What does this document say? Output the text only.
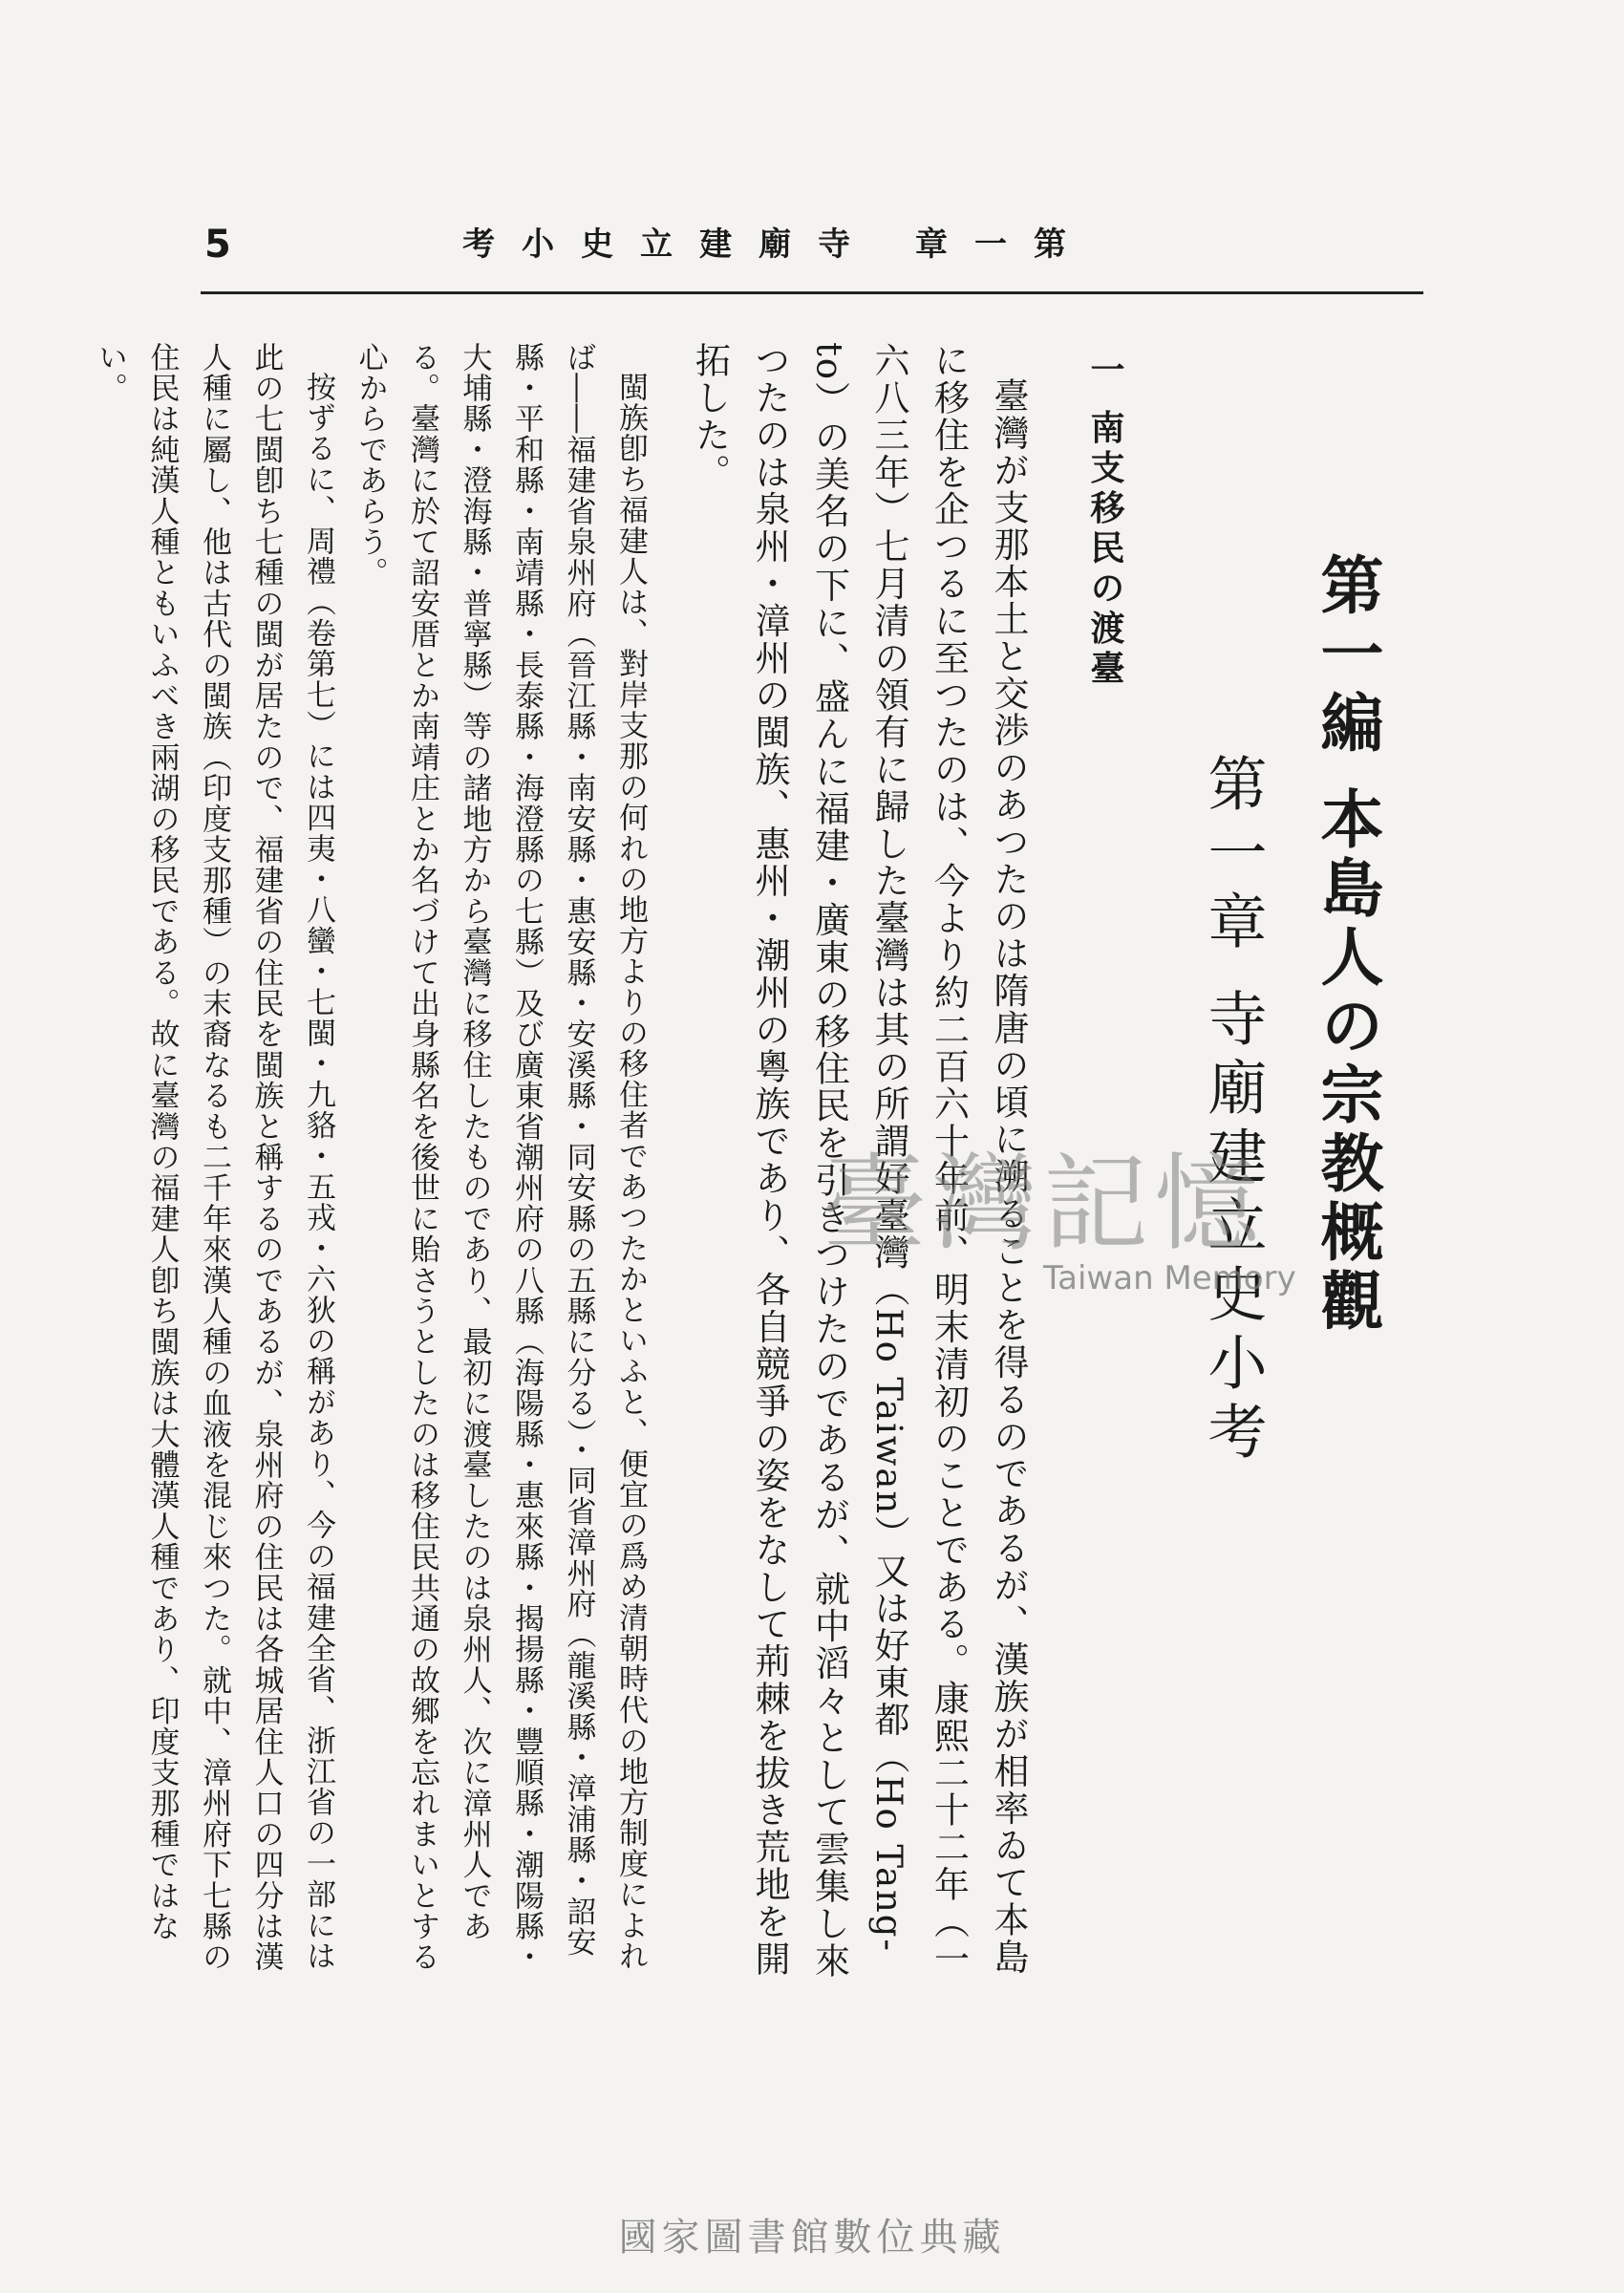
5	考小史立建廟寺 章一第

第一編 本島人の宗教概觀

第一章 寺廟建立史小考

一 南支移民の渡臺

臺灣が支那本土と交渉のあつたのは隋唐の頃に溯ることを得るのであるが、漢族が相率ゐて本島に移住を企つるに至つたのは、今より約二百六十年前、明末清初のことである。康熙二十二年（一六八三年）七月清の領有に歸した臺灣は其の所謂好臺灣（Ho Taiwan）又は好東都（Ho Tang-to）の美名の下に、盛んに福建・廣東の移住民を引きつけたのであるが、就中滔々として雲集し來つたのは泉州・漳州の閩族、惠州・潮州の粵族であり、各自競爭の姿をなして荊棘を拔き荒地を開拓した。

閩族卽ち福建人は、對岸支那の何れの地方よりの移住者であつたかといふと、便宜の爲め清朝時代の地方制度によれば――福建省泉州府（晉江縣・南安縣・惠安縣・安溪縣・同安縣の五縣に分る）・同省漳州府（龍溪縣・漳浦縣・詔安縣・平和縣・南靖縣・長泰縣・海澄縣の七縣）及び廣東省潮州府の八縣（海陽縣・惠來縣・揭揚縣・豐順縣・潮陽縣・大埔縣・澄海縣・普寧縣）等の諸地方から臺灣に移住したものであり、最初に渡臺したのは泉州人、次に漳州人である。臺灣に於て詔安厝とか南靖庄とか名づけて出身縣名を後世に貽さうとしたのは移住民共通の故郷を忘れまいとする心からであらう。

按ずるに、周禮（卷第七）には四夷・八蠻・七閩・九貉・五戎・六狄の稱があり、今の福建全省、浙江省の一部には此の七閩卽ち七種の閩が居たので、福建省の住民を閩族と稱するのであるが、泉州府の住民は各城居住人口の四分は漢人種に屬し、他は古代の閩族（印度支那種）の末裔なるも二千年來漢人種の血液を混じ來つた。就中、漳州府下七縣の住民は純漢人種ともいふべき兩湖の移民である。故に臺灣の福建人卽ち閩族は大體漢人種であり、印度支那種ではない。

臺灣記憶
Taiwan Memory
國家圖書館數位典藏
